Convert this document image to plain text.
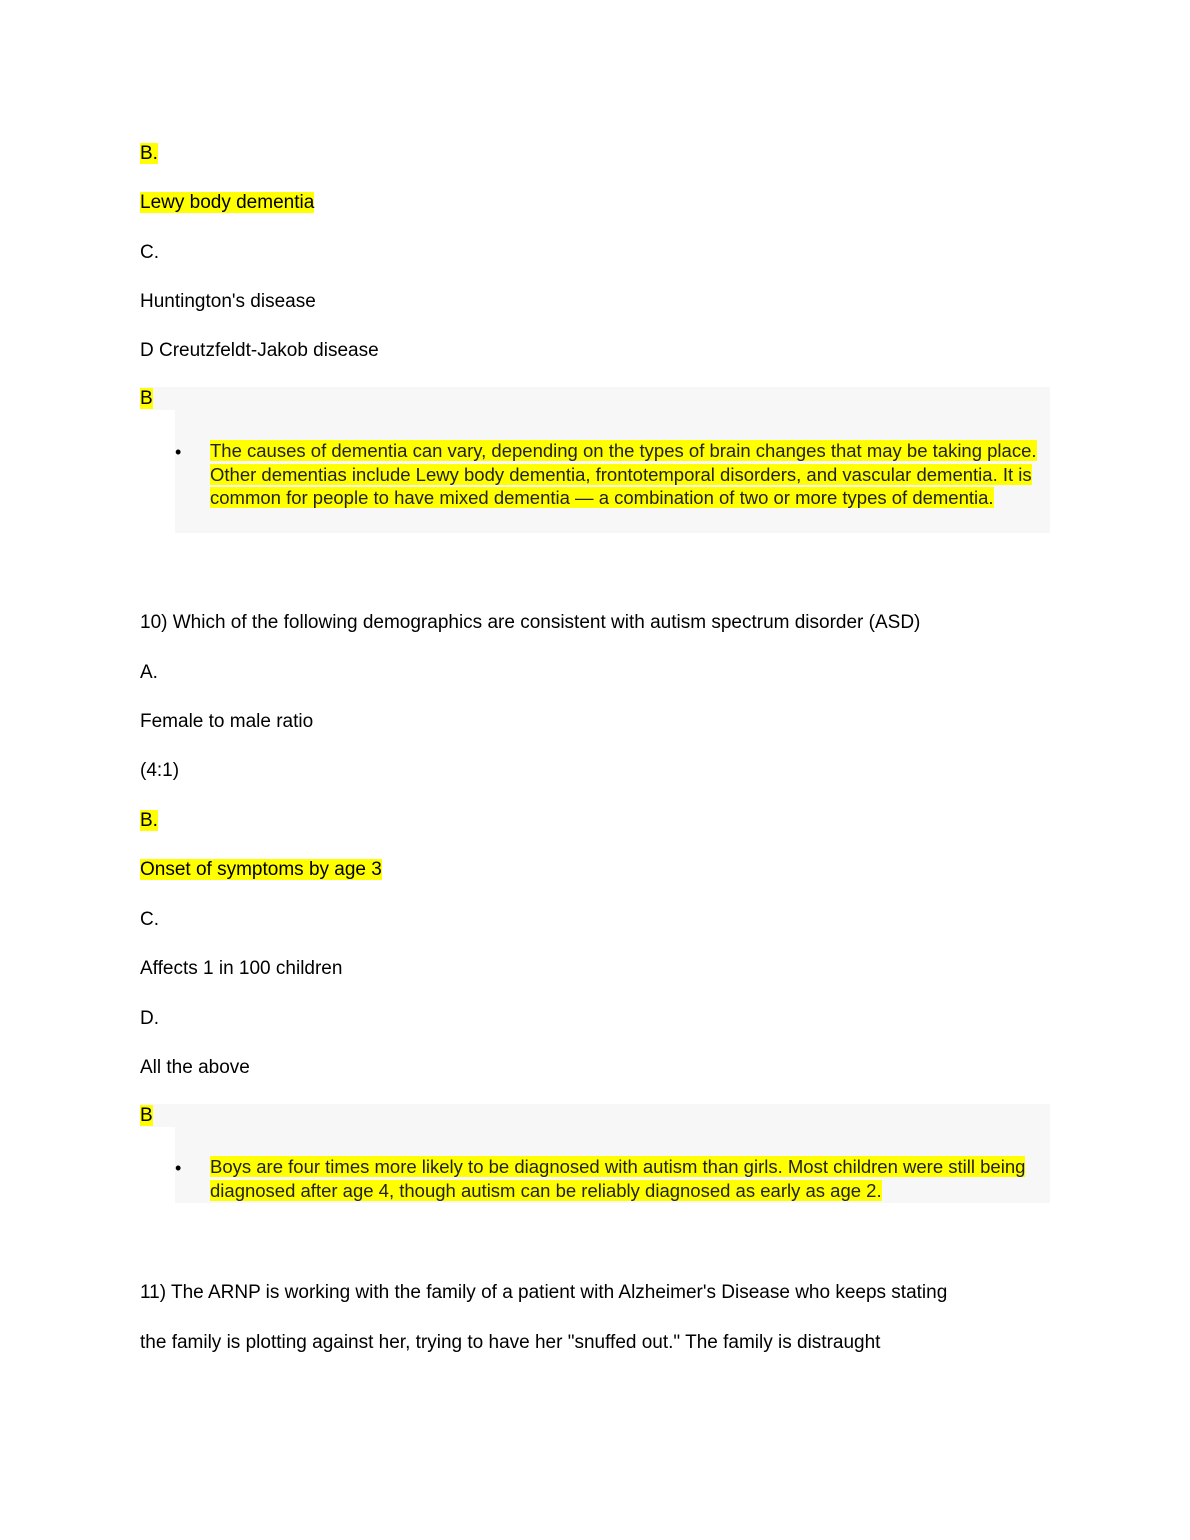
B.
Lewy body dementia
C.
Huntington's disease
D Creutzfeldt-Jakob disease
B
• The causes of dementia can vary, depending on the types of brain changes that may be taking place. Other dementias include Lewy body dementia, frontotemporal disorders, and vascular dementia. It is common for people to have mixed dementia — a combination of two or more types of dementia.
10) Which of the following demographics are consistent with autism spectrum disorder (ASD)
A.
Female to male ratio
(4:1)
B.
Onset of symptoms by age 3
C.
Affects 1 in 100 children
D.
All the above
B
• Boys are four times more likely to be diagnosed with autism than girls. Most children were still being diagnosed after age 4, though autism can be reliably diagnosed as early as age 2.
11) The ARNP is working with the family of a patient with Alzheimer's Disease who keeps stating
the family is plotting against her, trying to have her "snuffed out." The family is distraught
